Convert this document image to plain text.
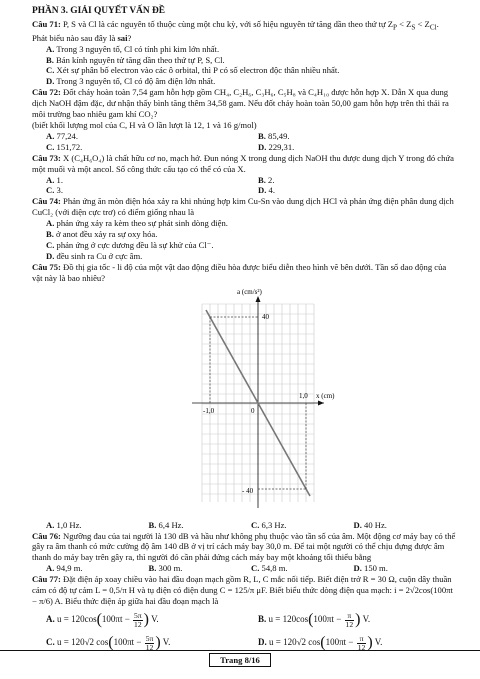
PHẦN 3. GIẢI QUYẾT VẤN ĐỀ

Câu 71: P, S và Cl là các nguyên tố thuộc cùng một chu kỳ, với số hiệu nguyên tử tăng dần theo thứ tự $Z_P < Z_S < Z_{Cl}$. Phát biểu nào sau đây là sai?

A. Trong 3 nguyên tố, Cl có tính phi kim lớn nhất.

B. Bán kính nguyên tử tăng dần theo thứ tự P, S, Cl.

C. Xét sự phân bố electron vào các ô orbital, thì P có số electron độc thân nhiều nhất.

D. Trong 3 nguyên tố, Cl có độ âm điện lớn nhất.

Câu 72: Đốt cháy hoàn toàn 7,54 gam hỗn hợp gồm CH₄, C₂H₆, C₃H₆, C₅H₈ và C₄H₁₀ được hỗn hợp X. Dẫn X qua dung dịch NaOH đậm đặc, dư nhận thấy bình tăng thêm 34,58 gam. Nếu đốt cháy hoàn toàn 50,00 gam hỗn hợp trên thì thải ra môi trường bao nhiêu gam khí CO₂?

(biết khối lượng mol của C, H và O lần lượt là 12, 1 và 16 g/mol)

A. 77,24.	B. 85,49.
C. 151,72.	D. 229,31.

Câu 73: X (C₄H₆O₄) là chất hữu cơ no, mạch hở. Đun nóng X trong dung dịch NaOH thu được dung dịch Y trong đó chứa một muối và một ancol. Số công thức cấu tạo có thể có của X.

A. 1.	B. 2.
C. 3.	D. 4.

Câu 74: Phản ứng ăn mòn điện hóa xảy ra khi nhúng hợp kim Cu-Sn vào dung dịch HCl và phản ứng điện phân dung dịch CuCl₂ (với điện cực trơ) có điểm giống nhau là

A. phản ứng xảy ra kèm theo sự phát sinh dòng điện.

B. ở anot đều xảy ra sự oxy hóa.

C. phản ứng ở cực dương đều là sự khử của Cl⁻.

D. đều sinh ra Cu ở cực âm.

Câu 75: Đồ thị gia tốc - li độ của một vật dao động điều hòa được biểu diễn theo hình vẽ bên dưới. Tần số dao động của vật này là bao nhiêu?

a (cm/s²)
40
- 40
-1,0
1,0
0
x (cm)
A. 1,0 Hz.	B. 6,4 Hz.	C. 6,3 Hz.	D. 40 Hz.

Câu 76: Ngưỡng đau của tai người là 130 dB và hầu như không phụ thuộc vào tần số của âm. Một động cơ máy bay có thể gây ra âm thanh có mức cường độ âm 140 dB ở vị trí cách máy bay 30,0 m. Để tai một người có thể chịu đựng được âm thanh do máy bay trên gây ra, thì người đó cần phải đứng cách máy bay một khoảng tối thiểu bằng

A. 94,9 m.	B. 300 m.	C. 54,8 m.	D. 150 m.

Câu 77: Đặt điện áp xoay chiều vào hai đầu đoạn mạch gồm R, L, C mắc nối tiếp. Biết điện trở R = 30 Ω, cuộn dây thuần cảm có độ tự cảm L = 0,5/π H và tụ điện có điện dung C = 125/π μF. Biết biểu thức dòng điện qua mạch: i = 2√2cos(100πt − π/6) A. Biểu thức điện áp giữa hai đầu đoạn mạch là

A. $u = 120\cos(100\pi t - \frac{5\pi}{12}$ ) V.	B. $u = 120\cos(100\pi t - \frac{\pi}{12}$ ) V.
C. u = 120√2 $\cos(100\pi t - \frac{5\pi}{12}$ ) V.	D. u = 120√2 $\cos(100\pi t - \frac{\pi}{12}$ ) V.
Trang 8/16
